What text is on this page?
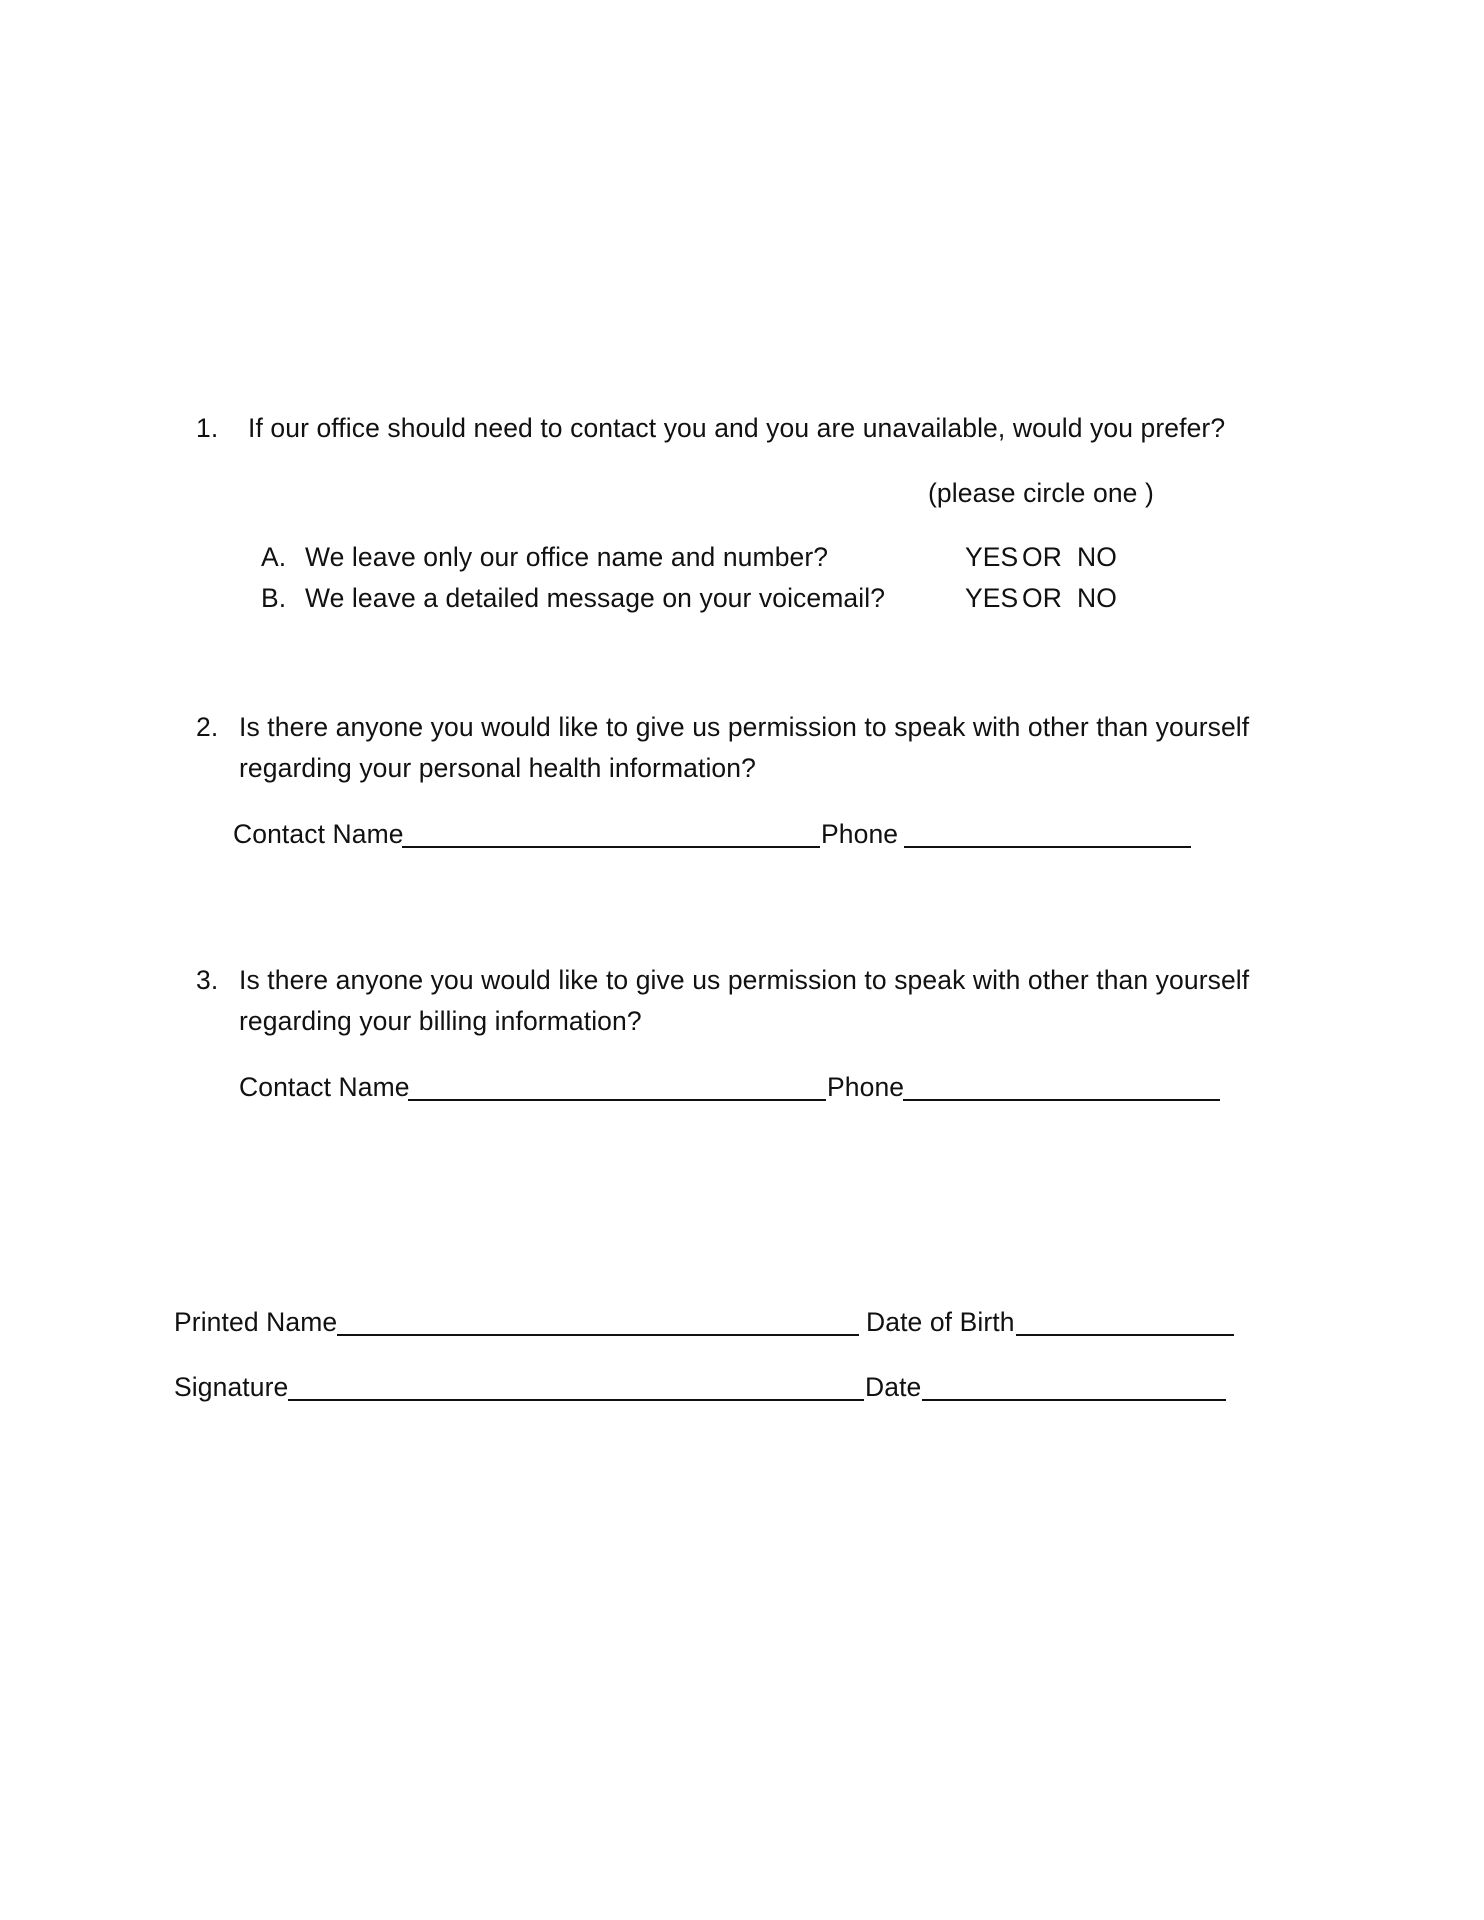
1. If our office should need to contact you and you are unavailable, would you prefer?
(please circle one )
A. We leave only our office name and number?	YES OR NO
B. We leave a detailed message on your voicemail?	YES OR NO
2. Is there anyone you would like to give us permission to speak with other than yourself
regarding your personal health information?
Contact Name	Phone
3. Is there anyone you would like to give us permission to speak with other than yourself
regarding your billing information?
Contact Name	Phone
Printed Name	Date of Birth
Signature	Date
